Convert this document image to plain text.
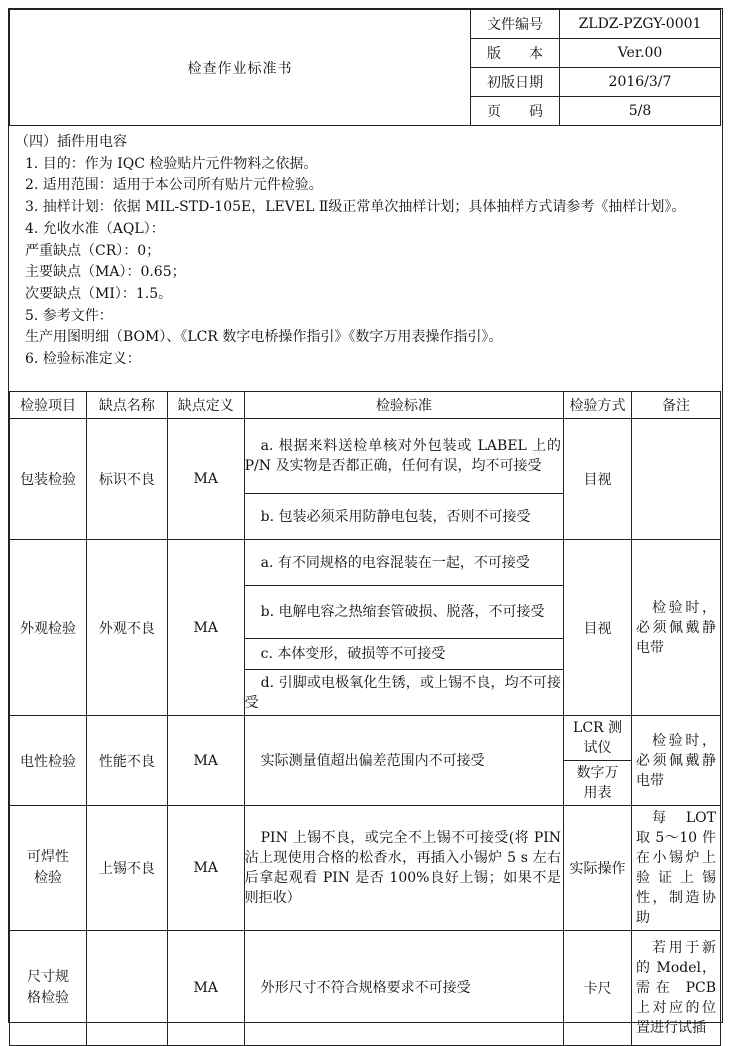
检查作业标准书	文件编号	ZLDZ-PZGY-0001
	版　　本	Ver.00
	初版日期	2016/3/7
	页　　码	5/8
（四）插件用电容
1. 目的：作为 IQC 检验贴片元件物料之依据。
2. 适用范围：适用于本公司所有贴片元件检验。
3. 抽样计划：依据 MIL-STD-105E，LEVEL Ⅱ级正常单次抽样计划；具体抽样方式请参考《抽样计划》。
4. 允收水准（AQL）：
严重缺点（CR）：0；
主要缺点（MA）：0.65；
次要缺点（MI）：1.5。
5. 参考文件：
生产用图明细（BOM）、《LCR 数字电桥操作指引》《数字万用表操作指引》。
6. 检验标准定义：
检验项目	缺点名称	缺点定义	检验标准	检验方式	备注
包装检验	标识不良	MA	a. 根据来料送检单核对外包装或 LABEL 上的 P/N 及实物是否都正确，任何有误，均不可接受	目视	
			b. 包装必须采用防静电包装，否则不可接受		
外观检验	外观不良	MA	a. 有不同规格的电容混装在一起，不可接受	目视	检验时，必须佩戴静电带
			b. 电解电容之热缩套管破损、脱落，不可接受		
			c. 本体变形，破损等不可接受		
			d. 引脚或电极氧化生锈，或上锡不良，均不可接受		
电性检验	性能不良	MA	实际测量值超出偏差范围内不可接受	LCR 测试仪	检验时，必须佩戴静电带
				数字万用表	
可焊性检验	上锡不良	MA	PIN 上锡不良，或完全不上锡不可接受(将 PIN 沾上现使用合格的松香水，再插入小锡炉 5 s 左右后拿起观看 PIN 是否 100%良好上锡；如果不是则拒收）	实际操作	每 LOT 取 5～10 件在小锡炉上验证上锡性，制造协助
尺寸规格检验		MA	外形尺寸不符合规格要求不可接受	卡尺	若用于新的 Model，需在 PCB 上对应的位置进行试插
